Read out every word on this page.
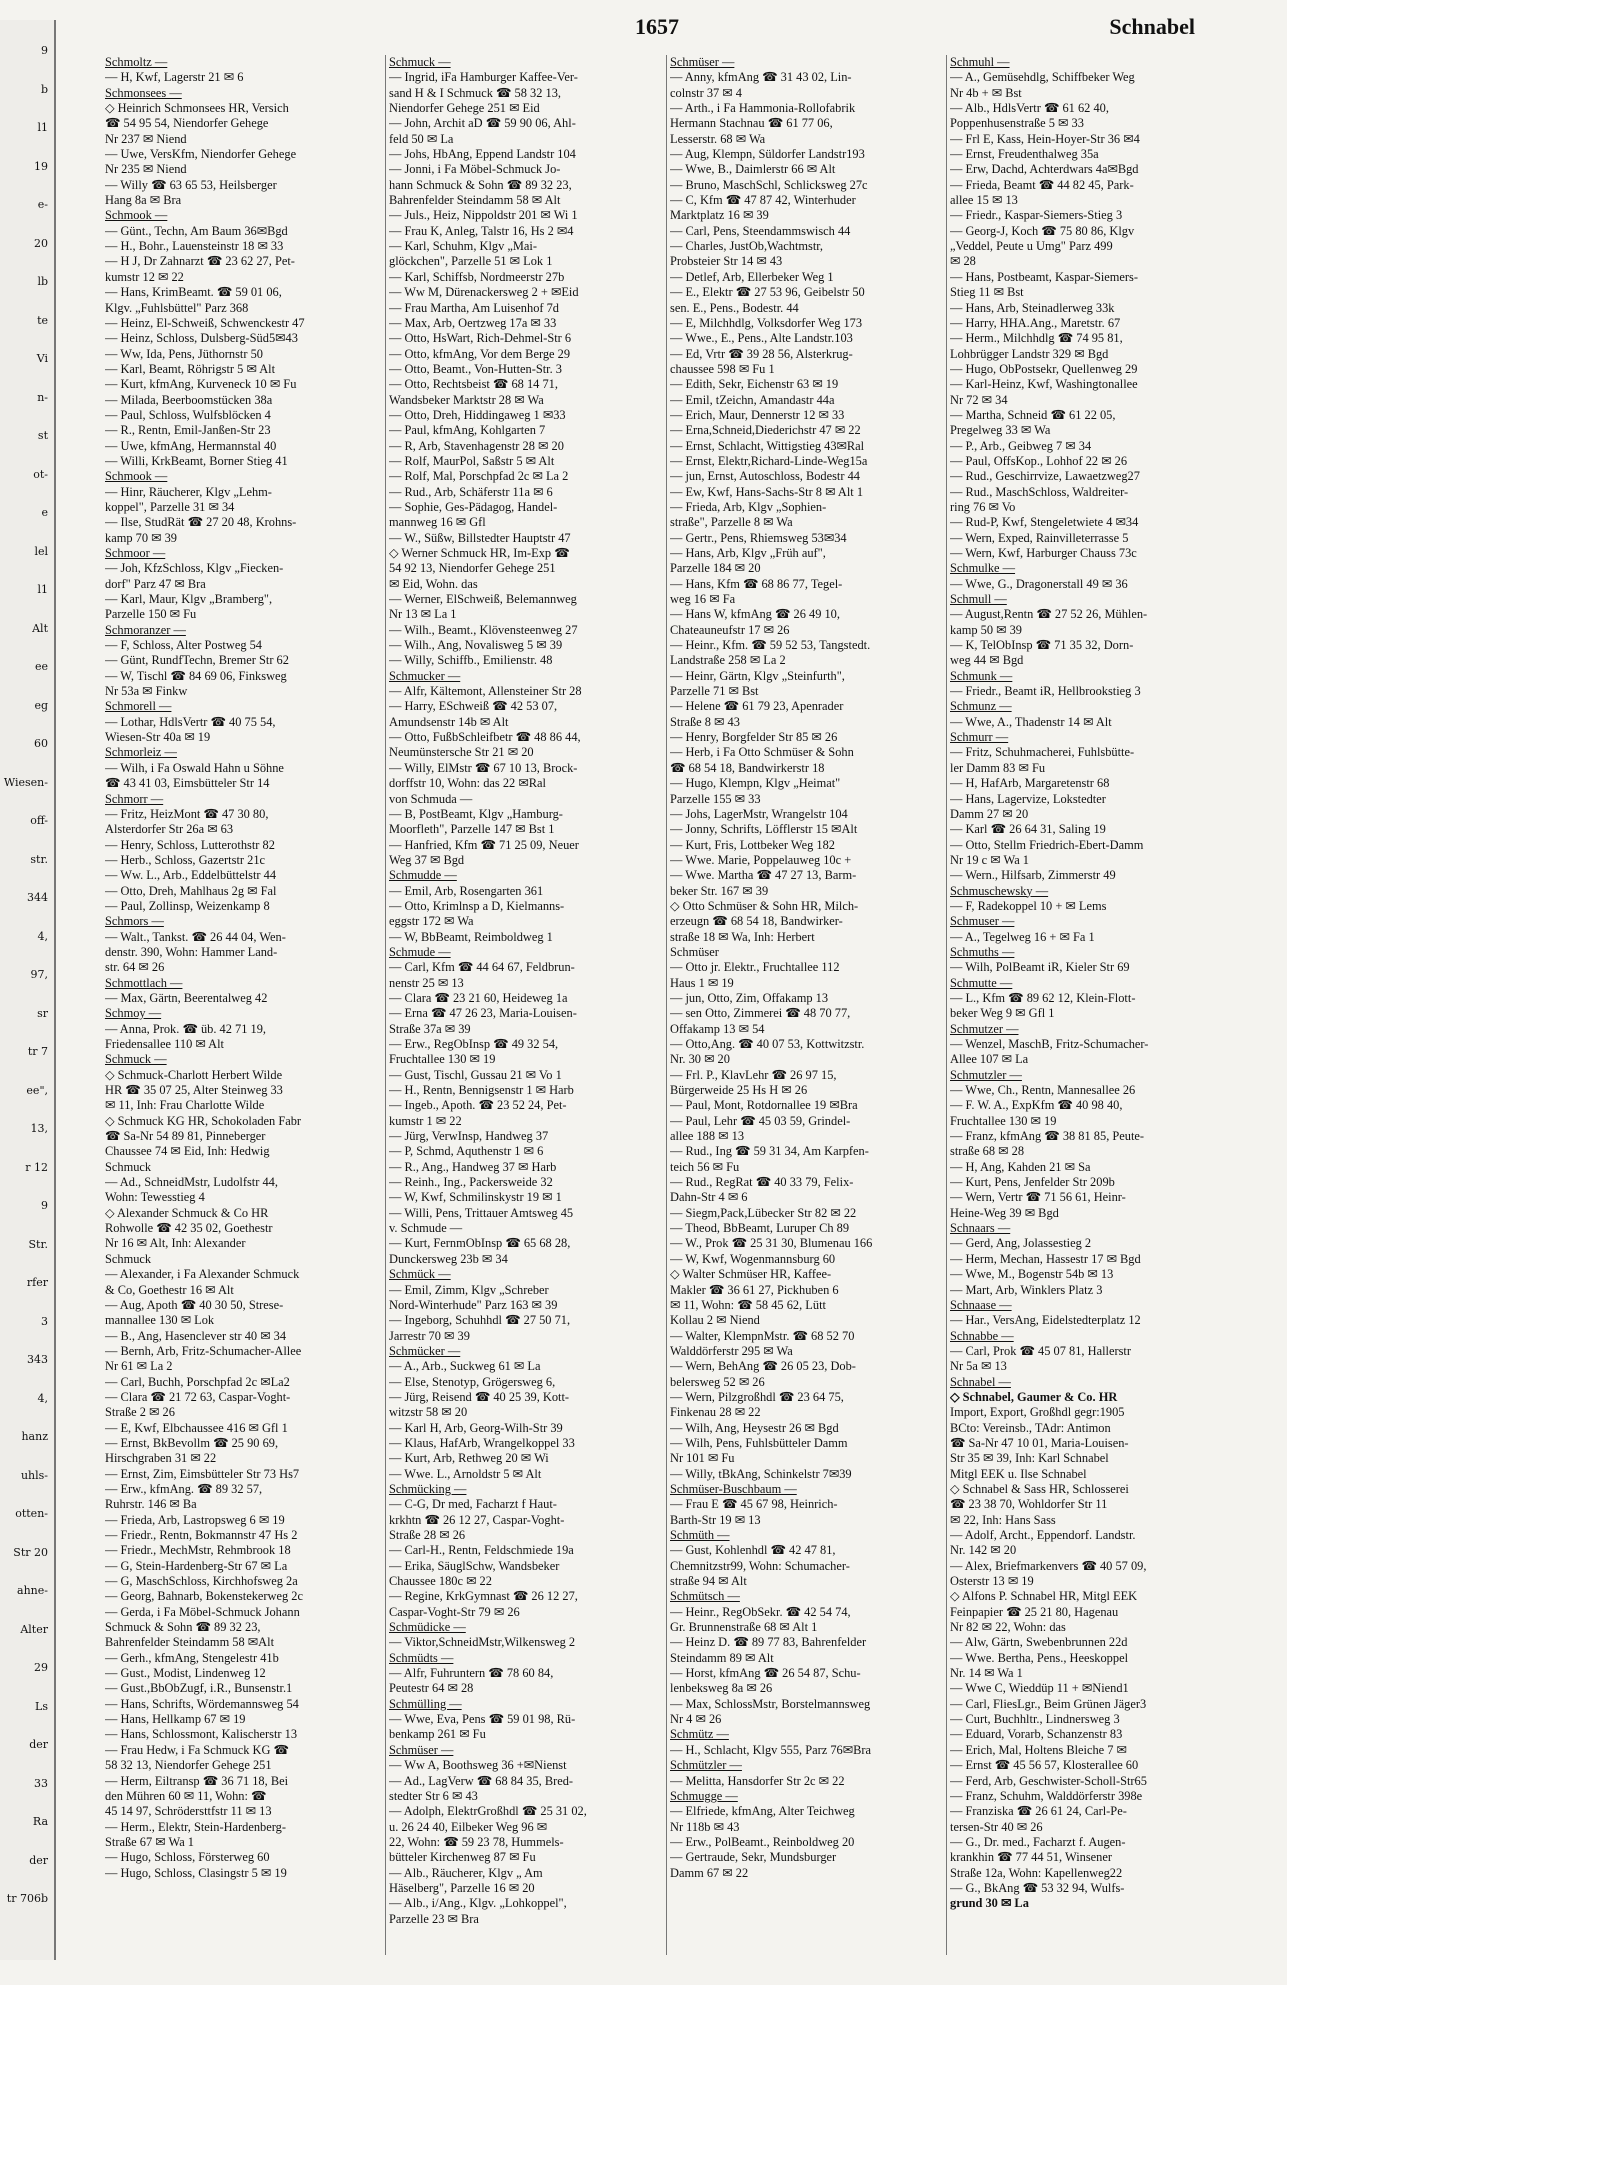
9
b
l1
19
e-
20
lb
te
Vi
n-
st
ot-
e
lel
l1
Alt
ee
eg
60
Wiesen-
off-
str.
344
4,
97,
sr
tr 7
ee",
13,
r 12
9
Str.
rfer
3
343
4,
hanz
uhls-
otten-
Str 20
ahne-
Alter
29
Ls
der
33
Ra
der
tr 706b
1657	Schnabel
Schmoltz —
— H, Kwf, Lagerstr 21 ✉ 6
Schmonsees —
◇ Heinrich Schmonsees HR, Versich
☎ 54 95 54, Niendorfer Gehege
Nr 237 ✉ Niend
— Uwe, VersKfm, Niendorfer Gehege
Nr 235 ✉ Niend
— Willy ☎ 63 65 53, Heilsberger
Hang 8a ✉ Bra
Schmook —
— Günt., Techn, Am Baum 36✉Bgd
— H., Bohr., Lauensteinstr 18 ✉ 33
— H J, Dr Zahnarzt ☎ 23 62 27, Pet-
kumstr 12 ✉ 22
— Hans, KrimBeamt. ☎ 59 01 06,
Klgv. „Fuhlsbüttel" Parz 368
— Heinz, El-Schweiß, Schwenckestr 47
— Heinz, Schloss, Dulsberg-Süd5✉43
— Ww, Ida, Pens, Jüthornstr 50
— Karl, Beamt, Röhrigstr 5 ✉ Alt
— Kurt, kfmAng, Kurveneck 10 ✉ Fu
— Milada, Beerboomstücken 38a
— Paul, Schloss, Wulfsblöcken 4
— R., Rentn, Emil-Janßen-Str 23
— Uwe, kfmAng, Hermannstal 40
— Willi, KrkBeamt, Borner Stieg 41
Schmook —
— Hinr, Räucherer, Klgv „Lehm-
koppel", Parzelle 31 ✉ 34
— Ilse, StudRät ☎ 27 20 48, Krohns-
kamp 70 ✉ 39
Schmoor —
— Joh, KfzSchloss, Klgv „Fiecken-
dorf" Parz 47 ✉ Bra
— Karl, Maur, Klgv „Bramberg",
Parzelle 150 ✉ Fu
Schmoranzer —
— F, Schloss, Alter Postweg 54
— Günt, RundfTechn, Bremer Str 62
— W, Tischl ☎ 84 69 06, Finksweg
Nr 53a ✉ Finkw
Schmorell —
— Lothar, HdlsVertr ☎ 40 75 54,
Wiesen-Str 40a ✉ 19
Schmorleiz —
— Wilh, i Fa Oswald Hahn u Söhne
☎ 43 41 03, Eimsbütteler Str 14
Schmorr —
— Fritz, HeizMont ☎ 47 30 80,
Alsterdorfer Str 26a ✉ 63
— Henry, Schloss, Lutterothstr 82
— Herb., Schloss, Gazertstr 21c
— Ww. L., Arb., Eddelbüttelstr 44
— Otto, Dreh, Mahlhaus 2g ✉ Fal
— Paul, Zollinsp, Weizenkamp 8
Schmors —
— Walt., Tankst. ☎ 26 44 04, Wen-
denstr. 390, Wohn: Hammer Land-
str. 64 ✉ 26
Schmottlach —
— Max, Gärtn, Beerentalweg 42
Schmoy —
— Anna, Prok. ☎ üb. 42 71 19,
Friedensallee 110 ✉ Alt
Schmuck —
◇ Schmuck-Charlott Herbert Wilde
HR ☎ 35 07 25, Alter Steinweg 33
✉ 11, Inh: Frau Charlotte Wilde
◇ Schmuck KG HR, Schokoladen Fabr
☎ Sa-Nr 54 89 81, Pinneberger
Chaussee 74 ✉ Eid, Inh: Hedwig
Schmuck
— Ad., SchneidMstr, Ludolfstr 44,
Wohn: Tewesstieg 4
◇ Alexander Schmuck & Co HR
Rohwolle ☎ 42 35 02, Goethestr
Nr 16 ✉ Alt, Inh: Alexander
Schmuck
— Alexander, i Fa Alexander Schmuck
& Co, Goethestr 16 ✉ Alt
— Aug, Apoth ☎ 40 30 50, Strese-
mannallee 130 ✉ Lok
— B., Ang, Hasenclever str 40 ✉ 34
— Bernh, Arb, Fritz-Schumacher-Allee
Nr 61 ✉ La 2
— Carl, Buchh, Porschpfad 2c ✉La2
— Clara ☎ 21 72 63, Caspar-Voght-
Straße 2 ✉ 26
— E, Kwf, Elbchaussee 416 ✉ Gfl 1
— Ernst, BkBevollm ☎ 25 90 69,
Hirschgraben 31 ✉ 22
— Ernst, Zim, Eimsbütteler Str 73 Hs7
— Erw., kfmAng. ☎ 89 32 57,
Ruhrstr. 146 ✉ Ba
— Frieda, Arb, Lastropsweg 6 ✉ 19
— Friedr., Rentn, Bokmannstr 47 Hs 2
— Friedr., MechMstr, Rehmbrook 18
— G, Stein-Hardenberg-Str 67 ✉ La
— G, MaschSchloss, Kirchhofsweg 2a
— Georg, Bahnarb, Bokenstekerweg 2c
— Gerda, i Fa Möbel-Schmuck Johann
Schmuck & Sohn ☎ 89 32 23,
Bahrenfelder Steindamm 58 ✉Alt
— Gerh., kfmAng, Stengelestr 41b
— Gust., Modist, Lindenweg 12
— Gust.,BbObZugf, i.R., Bunsenstr.1
— Hans, Schrifts, Wördemannsweg 54
— Hans, Hellkamp 67 ✉ 19
— Hans, Schlossmont, Kalischerstr 13
— Frau Hedw, i Fa Schmuck KG ☎
58 32 13, Niendorfer Gehege 251
— Herm, Eiltransp ☎ 36 71 18, Bei
den Mühren 60 ✉ 11, Wohn: ☎
45 14 97, Schrödersttfstr 11 ✉ 13
— Herm., Elektr, Stein-Hardenberg-
Straße 67 ✉ Wa 1
— Hugo, Schloss, Försterweg 60
— Hugo, Schloss, Clasingstr 5 ✉ 19
Schmuck —
— Ingrid, iFa Hamburger Kaffee-Ver-
sand H & I Schmuck ☎ 58 32 13,
Niendorfer Gehege 251 ✉ Eid
— John, Archit aD ☎ 59 90 06, Ahl-
feld 50 ✉ La
— Johs, HbAng, Eppend Landstr 104
— Jonni, i Fa Möbel-Schmuck Jo-
hann Schmuck & Sohn ☎ 89 32 23,
Bahrenfelder Steindamm 58 ✉ Alt
— Juls., Heiz, Nippoldstr 201 ✉ Wi 1
— Frau K, Anleg, Talstr 16, Hs 2 ✉4
— Karl, Schuhm, Klgv „Mai-
glöckchen", Parzelle 51 ✉ Lok 1
— Karl, Schiffsb, Nordmeerstr 27b
— Ww M, Dürenackersweg 2 + ✉Eid
— Frau Martha, Am Luisenhof 7d
— Max, Arb, Oertzweg 17a ✉ 33
— Otto, HsWart, Rich-Dehmel-Str 6
— Otto, kfmAng, Vor dem Berge 29
— Otto, Beamt., Von-Hutten-Str. 3
— Otto, Rechtsbeist ☎ 68 14 71,
Wandsbeker Marktstr 28 ✉ Wa
— Otto, Dreh, Hiddingaweg 1 ✉33
— Paul, kfmAng, Kohlgarten 7
— R, Arb, Stavenhagenstr 28 ✉ 20
— Rolf, MaurPol, Saßstr 5 ✉ Alt
— Rolf, Mal, Porschpfad 2c ✉ La 2
— Rud., Arb, Schäferstr 11a ✉ 6
— Sophie, Ges-Pädagog, Handel-
mannweg 16 ✉ Gfl
— W., Süßw, Billstedter Hauptstr 47
◇ Werner Schmuck HR, Im-Exp ☎
54 92 13, Niendorfer Gehege 251
✉ Eid, Wohn. das
— Werner, ElSchweiß, Belemannweg
Nr 13 ✉ La 1
— Wilh., Beamt., Klövensteenweg 27
— Wilh., Ang, Novalisweg 5 ✉ 39
— Willy, Schiffb., Emilienstr. 48
Schmucker —
— Alfr, Kältemont, Allensteiner Str 28
— Harry, ESchweiß ☎ 42 53 07,
Amundsenstr 14b ✉ Alt
— Otto, FußbSchleifbetr ☎ 48 86 44,
Neumünstersche Str 21 ✉ 20
— Willy, ElMstr ☎ 67 10 13, Brock-
dorffstr 10, Wohn: das 22 ✉Ral
von Schmuda —
— B, PostBeamt, Klgv „Hamburg-
Moorfleth", Parzelle 147 ✉ Bst 1
— Hanfried, Kfm ☎ 71 25 09, Neuer
Weg 37 ✉ Bgd
Schmudde —
— Emil, Arb, Rosengarten 361
— Otto, Krimlnsp a D, Kielmanns-
eggstr 172 ✉ Wa
— W, BbBeamt, Reimboldweg 1
Schmude —
— Carl, Kfm ☎ 44 64 67, Feldbrun-
nenstr 25 ✉ 13
— Clara ☎ 23 21 60, Heideweg 1a
— Erna ☎ 47 26 23, Maria-Louisen-
Straße 37a ✉ 39
— Erw., RegObInsp ☎ 49 32 54,
Fruchtallee 130 ✉ 19
— Gust, Tischl, Gussau 21 ✉ Vo 1
— H., Rentn, Bennigsenstr 1 ✉ Harb
— Ingeb., Apoth. ☎ 23 52 24, Pet-
kumstr 1 ✉ 22
— Jürg, VerwInsp, Handweg 37
— P, Schmd, Aquthenstr 1 ✉ 6
— R., Ang., Handweg 37 ✉ Harb
— Reinh., Ing., Packersweide 32
— W, Kwf, Schmilinskystr 19 ✉ 1
— Willi, Pens, Trittauer Amtsweg 45
v. Schmude —
— Kurt, FernmObInsp ☎ 65 68 28,
Dunckersweg 23b ✉ 34
Schmück —
— Emil, Zimm, Klgv „Schreber
Nord-Winterhude" Parz 163 ✉ 39
— Ingeborg, Schuhhdl ☎ 27 50 71,
Jarrestr 70 ✉ 39
Schmücker —
— A., Arb., Suckweg 61 ✉ La
— Else, Stenotyp, Grögersweg 6,
— Jürg, Reisend ☎ 40 25 39, Kott-
witzstr 58 ✉ 20
— Karl H, Arb, Georg-Wilh-Str 39
— Klaus, HafArb, Wrangelkoppel 33
— Kurt, Arb, Rethweg 20 ✉ Wi
— Wwe. L., Arnoldstr 5 ✉ Alt
Schmücking —
— C-G, Dr med, Facharzt f Haut-
krkhtn ☎ 26 12 27, Caspar-Voght-
Straße 28 ✉ 26
— Carl-H., Rentn, Feldschmiede 19a
— Erika, SäuglSchw, Wandsbeker
Chaussee 180c ✉ 22
— Regine, KrkGymnast ☎ 26 12 27,
Caspar-Voght-Str 79 ✉ 26
Schmüdicke —
— Viktor,SchneidMstr,Wilkensweg 2
Schmüdts —
— Alfr, Fuhruntern ☎ 78 60 84,
Peutestr 64 ✉ 28
Schmülling —
— Wwe, Eva, Pens ☎ 59 01 98, Rü-
benkamp 261 ✉ Fu
Schmüser —
— Ww A, Boothsweg 36 +✉Nienst
— Ad., LagVerw ☎ 68 84 35, Bred-
stedter Str 6 ✉ 43
— Adolph, ElektrGroßhdl ☎ 25 31 02,
u. 26 24 40, Eilbeker Weg 96 ✉
22, Wohn: ☎ 59 23 78, Hummels-
bütteler Kirchenweg 87 ✉ Fu
— Alb., Räucherer, Klgv „ Am
Häselberg", Parzelle 16 ✉ 20
— Alb., i/Ang., Klgv. „Lohkoppel",
Parzelle 23 ✉ Bra
Schmüser —
— Anny, kfmAng ☎ 31 43 02, Lin-
colnstr 37 ✉ 4
— Arth., i Fa Hammonia-Rollofabrik
Hermann Stachnau ☎ 61 77 06,
Lesserstr. 68 ✉ Wa
— Aug, Klempn, Süldorfer Landstr193
— Wwe, B., Daimlerstr 66 ✉ Alt
— Bruno, MaschSchl, Schlicksweg 27c
— C, Kfm ☎ 47 87 42, Winterhuder
Marktplatz 16 ✉ 39
— Carl, Pens, Steendammswisch 44
— Charles, JustOb,Wachtmstr,
Probsteier Str 14 ✉ 43
— Detlef, Arb, Ellerbeker Weg 1
— E., Elektr ☎ 27 53 96, Geibelstr 50
sen. E., Pens., Bodestr. 44
— E, Milchhdlg, Volksdorfer Weg 173
— Wwe., E., Pens., Alte Landstr.103
— Ed, Vrtr ☎ 39 28 56, Alsterkrug-
chaussee 598 ✉ Fu 1
— Edith, Sekr, Eichenstr 63 ✉ 19
— Emil, tZeichn, Amandastr 44a
— Erich, Maur, Dennerstr 12 ✉ 33
— Erna,Schneid,Diederichstr 47 ✉ 22
— Ernst, Schlacht, Wittigstieg 43✉Ral
— Ernst, Elektr,Richard-Linde-Weg15a
— jun, Ernst, Autoschloss, Bodestr 44
— Ew, Kwf, Hans-Sachs-Str 8 ✉ Alt 1
— Frieda, Arb, Klgv „Sophien-
straße", Parzelle 8 ✉ Wa
— Gertr., Pens, Rhiemsweg 53✉34
— Hans, Arb, Klgv „Früh auf",
Parzelle 184 ✉ 20
— Hans, Kfm ☎ 68 86 77, Tegel-
weg 16 ✉ Fa
— Hans W, kfmAng ☎ 26 49 10,
Chateauneufstr 17 ✉ 26
— Heinr., Kfm. ☎ 59 52 53, Tangstedt.
Landstraße 258 ✉ La 2
— Heinr, Gärtn, Klgv „Steinfurth",
Parzelle 71 ✉ Bst
— Helene ☎ 61 79 23, Apenrader
Straße 8 ✉ 43
— Henry, Borgfelder Str 85 ✉ 26
— Herb, i Fa Otto Schmüser & Sohn
☎ 68 54 18, Bandwirkerstr 18
— Hugo, Klempn, Klgv „Heimat"
Parzelle 155 ✉ 33
— Johs, LagerMstr, Wrangelstr 104
— Jonny, Schrifts, Löfflerstr 15 ✉Alt
— Kurt, Fris, Lottbeker Weg 182
— Wwe. Marie, Poppelauweg 10c +
— Wwe. Martha ☎ 47 27 13, Barm-
beker Str. 167 ✉ 39
◇ Otto Schmüser & Sohn HR, Milch-
erzeugn ☎ 68 54 18, Bandwirker-
straße 18 ✉ Wa, Inh: Herbert
Schmüser
— Otto jr. Elektr., Fruchtallee 112
Haus 1 ✉ 19
— jun, Otto, Zim, Offakamp 13
— sen Otto, Zimmerei ☎ 48 70 77,
Offakamp 13 ✉ 54
— Otto,Ang. ☎ 40 07 53, Kottwitzstr.
Nr. 30 ✉ 20
— Frl. P., KlavLehr ☎ 26 97 15,
Bürgerweide 25 Hs H ✉ 26
— Paul, Mont, Rotdornallee 19 ✉Bra
— Paul, Lehr ☎ 45 03 59, Grindel-
allee 188 ✉ 13
— Rud., Ing ☎ 59 31 34, Am Karpfen-
teich 56 ✉ Fu
— Rud., RegRat ☎ 40 33 79, Felix-
Dahn-Str 4 ✉ 6
— Siegm,Pack,Lübecker Str 82 ✉ 22
— Theod, BbBeamt, Luruper Ch 89
— W., Prok ☎ 25 31 30, Blumenau 166
— W, Kwf, Wogenmannsburg 60
◇ Walter Schmüser HR, Kaffee-
Makler ☎ 36 61 27, Pickhuben 6
✉ 11, Wohn: ☎ 58 45 62, Lütt
Kollau 2 ✉ Niend
— Walter, KlempnMstr. ☎ 68 52 70
Walddörferstr 295 ✉ Wa
— Wern, BehAng ☎ 26 05 23, Dob-
belersweg 52 ✉ 26
— Wern, Pilzgroßhdl ☎ 23 64 75,
Finkenau 28 ✉ 22
— Wilh, Ang, Heysestr 26 ✉ Bgd
— Wilh, Pens, Fuhlsbütteler Damm
Nr 101 ✉ Fu
— Willy, tBkAng, Schinkelstr 7✉39
Schmüser-Buschbaum —
— Frau E ☎ 45 67 98, Heinrich-
Barth-Str 19 ✉ 13
Schmüth —
— Gust, Kohlenhdl ☎ 42 47 81,
Chemnitzstr99, Wohn: Schumacher-
straße 94 ✉ Alt
Schmütsch —
— Heinr., RegObSekr. ☎ 42 54 74,
Gr. Brunnenstraße 68 ✉ Alt 1
— Heinz D. ☎ 89 77 83, Bahrenfelder
Steindamm 89 ✉ Alt
— Horst, kfmAng ☎ 26 54 87, Schu-
lenbeksweg 8a ✉ 26
— Max, SchlossMstr, Borstelmannsweg
Nr 4 ✉ 26
Schmütz —
— H., Schlacht, Klgv 555, Parz 76✉Bra
Schmützler —
— Melitta, Hansdorfer Str 2c ✉ 22
Schmugge —
— Elfriede, kfmAng, Alter Teichweg
Nr 118b ✉ 43
— Erw., PolBeamt., Reinboldweg 20
— Gertraude, Sekr, Mundsburger
Damm 67 ✉ 22
Schmuhl —
— A., Gemüsehdlg, Schiffbeker Weg
Nr 4b + ✉ Bst
— Alb., HdlsVertr ☎ 61 62 40,
Poppenhusenstraße 5 ✉ 33
— Frl E, Kass, Hein-Hoyer-Str 36 ✉4
— Ernst, Freudenthalweg 35a
— Erw, Dachd, Achterdwars 4a✉Bgd
— Frieda, Beamt ☎ 44 82 45, Park-
allee 15 ✉ 13
— Friedr., Kaspar-Siemers-Stieg 3
— Georg-J, Koch ☎ 75 80 86, Klgv
„Veddel, Peute u Umg" Parz 499
✉ 28
— Hans, Postbeamt, Kaspar-Siemers-
Stieg 11 ✉ Bst
— Hans, Arb, Steinadlerweg 33k
— Harry, HHA.Ang., Maretstr. 67
— Herm., Milchhdlg ☎ 74 95 81,
Lohbrügger Landstr 329 ✉ Bgd
— Hugo, ObPostsekr, Quellenweg 29
— Karl-Heinz, Kwf, Washingtonallee
Nr 72 ✉ 34
— Martha, Schneid ☎ 61 22 05,
Pregelweg 33 ✉ Wa
— P., Arb., Geibweg 7 ✉ 34
— Paul, OffsKop., Lohhof 22 ✉ 26
— Rud., Geschirrvize, Lawaetzweg27
— Rud., MaschSchloss, Waldreiter-
ring 76 ✉ Vo
— Rud-P, Kwf, Stengeletwiete 4 ✉34
— Wern, Exped, Rainvilleterrasse 5
— Wern, Kwf, Harburger Chauss 73c
Schmulke —
— Wwe, G., Dragonerstall 49 ✉ 36
Schmull —
— August,Rentn ☎ 27 52 26, Mühlen-
kamp 50 ✉ 39
— K, TelObInsp ☎ 71 35 32, Dorn-
weg 44 ✉ Bgd
Schmunk —
— Friedr., Beamt iR, Hellbrookstieg 3
Schmunz —
— Wwe, A., Thadenstr 14 ✉ Alt
Schmurr —
— Fritz, Schuhmacherei, Fuhlsbütte-
ler Damm 83 ✉ Fu
— H, HafArb, Margaretenstr 68
— Hans, Lagervize, Lokstedter
Damm 27 ✉ 20
— Karl ☎ 26 64 31, Saling 19
— Otto, Stellm Friedrich-Ebert-Damm
Nr 19 c ✉ Wa 1
— Wern., Hilfsarb, Zimmerstr 49
Schmuschewsky —
— F, Radekoppel 10 + ✉ Lems
Schmuser —
— A., Tegelweg 16 + ✉ Fa 1
Schmuths —
— Wilh, PolBeamt iR, Kieler Str 69
Schmutte —
— L., Kfm ☎ 89 62 12, Klein-Flott-
beker Weg 9 ✉ Gfl 1
Schmutzer —
— Wenzel, MaschB, Fritz-Schumacher-
Allee 107 ✉ La
Schmutzler —
— Wwe, Ch., Rentn, Mannesallee 26
— F. W. A., ExpKfm ☎ 40 98 40,
Fruchtallee 130 ✉ 19
— Franz, kfmAng ☎ 38 81 85, Peute-
straße 68 ✉ 28
— H, Ang, Kahden 21 ✉ Sa
— Kurt, Pens, Jenfelder Str 209b
— Wern, Vertr ☎ 71 56 61, Heinr-
Heine-Weg 39 ✉ Bgd
Schnaars —
— Gerd, Ang, Jolassestieg 2
— Herm, Mechan, Hassestr 17 ✉ Bgd
— Wwe, M., Bogenstr 54b ✉ 13
— Mart, Arb, Winklers Platz 3
Schnaase —
— Har., VersAng, Eidelstedterplatz 12
Schnabbe —
— Carl, Prok ☎ 45 07 81, Hallerstr
Nr 5a ✉ 13
Schnabel —
◇ Schnabel, Gaumer & Co. HR
Import, Export, Großhdl gegr:1905
BCto: Vereinsb., TAdr: Antimon
☎ Sa-Nr 47 10 01, Maria-Louisen-
Str 35 ✉ 39, Inh: Karl Schnabel
Mitgl EEK u. Ilse Schnabel
◇ Schnabel & Sass HR, Schlosserei
☎ 23 38 70, Wohldorfer Str 11
✉ 22, Inh: Hans Sass
— Adolf, Archt., Eppendorf. Landstr.
Nr. 142 ✉ 20
— Alex, Briefmarkenvers ☎ 40 57 09,
Osterstr 13 ✉ 19
◇ Alfons P. Schnabel HR, Mitgl EEK
Feinpapier ☎ 25 21 80, Hagenau
Nr 82 ✉ 22, Wohn: das
— Alw, Gärtn, Swebenbrunnen 22d
— Wwe. Bertha, Pens., Heeskoppel
Nr. 14 ✉ Wa 1
— Wwe C, Wieddüp 11 + ✉Niend1
— Carl, FliesLgr., Beim Grünen Jäger3
— Curt, Buchhltr., Lindnersweg 3
— Eduard, Vorarb, Schanzenstr 83
— Erich, Mal, Holtens Bleiche 7 ✉
— Ernst ☎ 45 56 57, Klosterallee 60
— Ferd, Arb, Geschwister-Scholl-Str65
— Franz, Schuhm, Walddörferstr 398e
— Franziska ☎ 26 61 24, Carl-Pe-
tersen-Str 40 ✉ 26
— G., Dr. med., Facharzt f. Augen-
krankhin ☎ 77 44 51, Winsener
Straße 12a, Wohn: Kapellenweg22
— G., BkAng ☎ 53 32 94, Wulfs-
grund 30 ✉ La
